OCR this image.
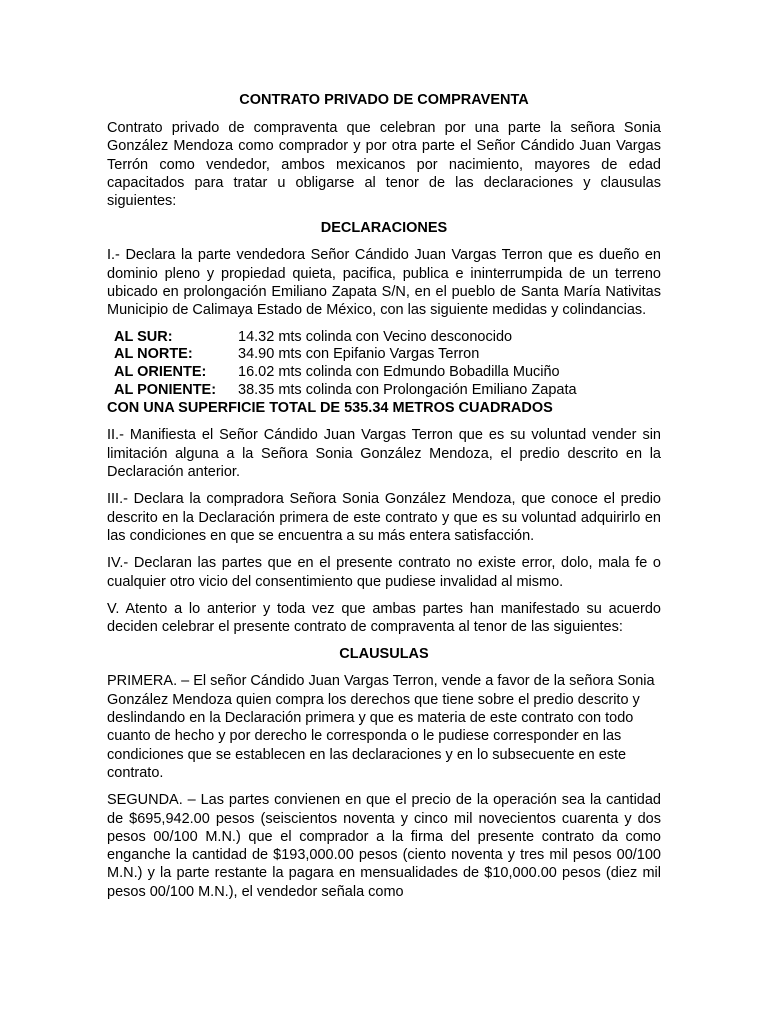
CONTRATO PRIVADO DE COMPRAVENTA

Contrato privado de compraventa que celebran por una parte la señora Sonia González Mendoza como comprador y por otra parte el Señor Cándido Juan Vargas Terrón como vendedor, ambos mexicanos por nacimiento, mayores de edad capacitados para tratar u obligarse al tenor de las declaraciones y clausulas siguientes:

DECLARACIONES

I.- Declara la parte vendedora Señor Cándido Juan Vargas Terron que es dueño en dominio pleno y propiedad quieta, pacifica, publica e ininterrumpida de un terreno ubicado en prolongación Emiliano Zapata S/N, en el pueblo de Santa María Nativitas Municipio de Calimaya Estado de México, con las siguiente medidas y colindancias.

AL SUR:	14.32 mts colinda con Vecino desconocido
AL NORTE:	34.90 mts con Epifanio Vargas Terron
AL ORIENTE:	16.02 mts colinda con Edmundo Bobadilla Muciño
AL PONIENTE:	38.35 mts colinda con Prolongación Emiliano Zapata
CON UNA SUPERFICIE TOTAL DE 535.34 METROS CUADRADOS

II.- Manifiesta el Señor Cándido Juan Vargas Terron que es su voluntad vender sin limitación alguna a la Señora Sonia González Mendoza, el predio descrito en la Declaración anterior.

III.- Declara la compradora Señora Sonia González Mendoza, que conoce el predio descrito en la Declaración primera de este contrato y que es su voluntad adquirirlo en las condiciones en que se encuentra a su más entera satisfacción.

IV.- Declaran las partes que en el presente contrato no existe error, dolo, mala fe o cualquier otro vicio del consentimiento que pudiese invalidad al mismo.

V. Atento a lo anterior y toda vez que ambas partes han manifestado su acuerdo deciden celebrar el presente contrato de compraventa al tenor de las siguientes:

CLAUSULAS

PRIMERA. – El señor Cándido Juan Vargas Terron, vende a favor de la señora Sonia González Mendoza quien compra los derechos que tiene sobre el predio descrito y deslindando en la Declaración primera y que es materia de este contrato con todo cuanto de hecho y por derecho le corresponda o le pudiese corresponder en las condiciones que se establecen en las declaraciones y en lo subsecuente en este contrato.

SEGUNDA. – Las partes convienen en que el precio de la operación sea la cantidad de $695,942.00 pesos (seiscientos noventa y cinco mil novecientos cuarenta y dos pesos 00/100 M.N.) que el comprador a la firma del presente contrato da como enganche la cantidad de $193,000.00 pesos (ciento noventa y tres mil pesos 00/100 M.N.) y la parte restante la pagara en mensualidades de $10,000.00 pesos (diez mil pesos 00/100 M.N.), el vendedor señala como
